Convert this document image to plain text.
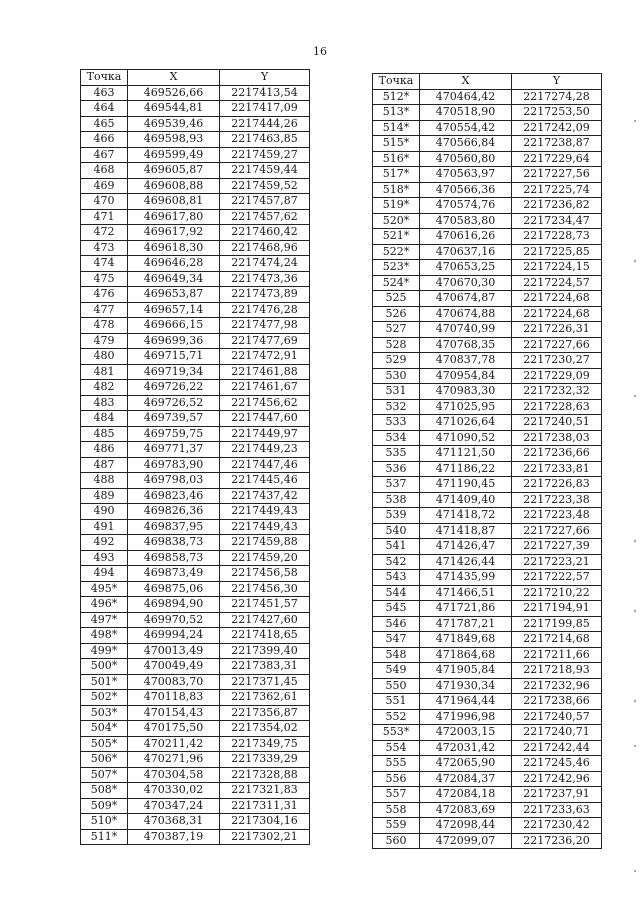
16
Точка	X	Y
463	469526,66	2217413,54
464	469544,81	2217417,09
465	469539,46	2217444,26
466	469598,93	2217463,85
467	469599,49	2217459,27
468	469605,87	2217459,44
469	469608,88	2217459,52
470	469608,81	2217457,87
471	469617,80	2217457,62
472	469617,92	2217460,42
473	469618,30	2217468,96
474	469646,28	2217474,24
475	469649,34	2217473,36
476	469653,87	2217473,89
477	469657,14	2217476,28
478	469666,15	2217477,98
479	469699,36	2217477,69
480	469715,71	2217472,91
481	469719,34	2217461,88
482	469726,22	2217461,67
483	469726,52	2217456,62
484	469739,57	2217447,60
485	469759,75	2217449,97
486	469771,37	2217449,23
487	469783,90	2217447,46
488	469798,03	2217445,46
489	469823,46	2217437,42
490	469826,36	2217449,43
491	469837,95	2217449,43
492	469838,73	2217459,88
493	469858,73	2217459,20
494	469873,49	2217456,58
495*	469875,06	2217456,30
496*	469894,90	2217451,57
497*	469970,52	2217427,60
498*	469994,24	2217418,65
499*	470013,49	2217399,40
500*	470049,49	2217383,31
501*	470083,70	2217371,45
502*	470118,83	2217362,61
503*	470154,43	2217356,87
504*	470175,50	2217354,02
505*	470211,42	2217349,75
506*	470271,96	2217339,29
507*	470304,58	2217328,88
508*	470330,02	2217321,83
509*	470347,24	2217311,31
510*	470368,31	2217304,16
511*	470387,19	2217302,21
Точка	X	Y
512*	470464,42	2217274,28
513*	470518,90	2217253,50
514*	470554,42	2217242,09
515*	470566,84	2217238,87
516*	470560,80	2217229,64
517*	470563,97	2217227,56
518*	470566,36	2217225,74
519*	470574,76	2217236,82
520*	470583,80	2217234,47
521*	470616,26	2217228,73
522*	470637,16	2217225,85
523*	470653,25	2217224,15
524*	470670,30	2217224,57
525	470674,87	2217224,68
526	470674,88	2217224,68
527	470740,99	2217226,31
528	470768,35	2217227,66
529	470837,78	2217230,27
530	470954,84	2217229,09
531	470983,30	2217232,32
532	471025,95	2217228,63
533	471026,64	2217240,51
534	471090,52	2217238,03
535	471121,50	2217236,66
536	471186,22	2217233,81
537	471190,45	2217226,83
538	471409,40	2217223,38
539	471418,72	2217223,48
540	471418,87	2217227,66
541	471426,47	2217227,39
542	471426,44	2217223,21
543	471435,99	2217222,57
544	471466,51	2217210,22
545	471721,86	2217194,91
546	471787,21	2217199,85
547	471849,68	2217214,68
548	471864,68	2217211,66
549	471905,84	2217218,93
550	471930,34	2217232,96
551	471964,44	2217238,66
552	471996,98	2217240,57
553*	472003,15	2217240,71
554	472031,42	2217242,44
555	472065,90	2217245,46
556	472084,37	2217242,96
557	472084,18	2217237,91
558	472083,69	2217233,63
559	472098,44	2217230,42
560	472099,07	2217236,20
